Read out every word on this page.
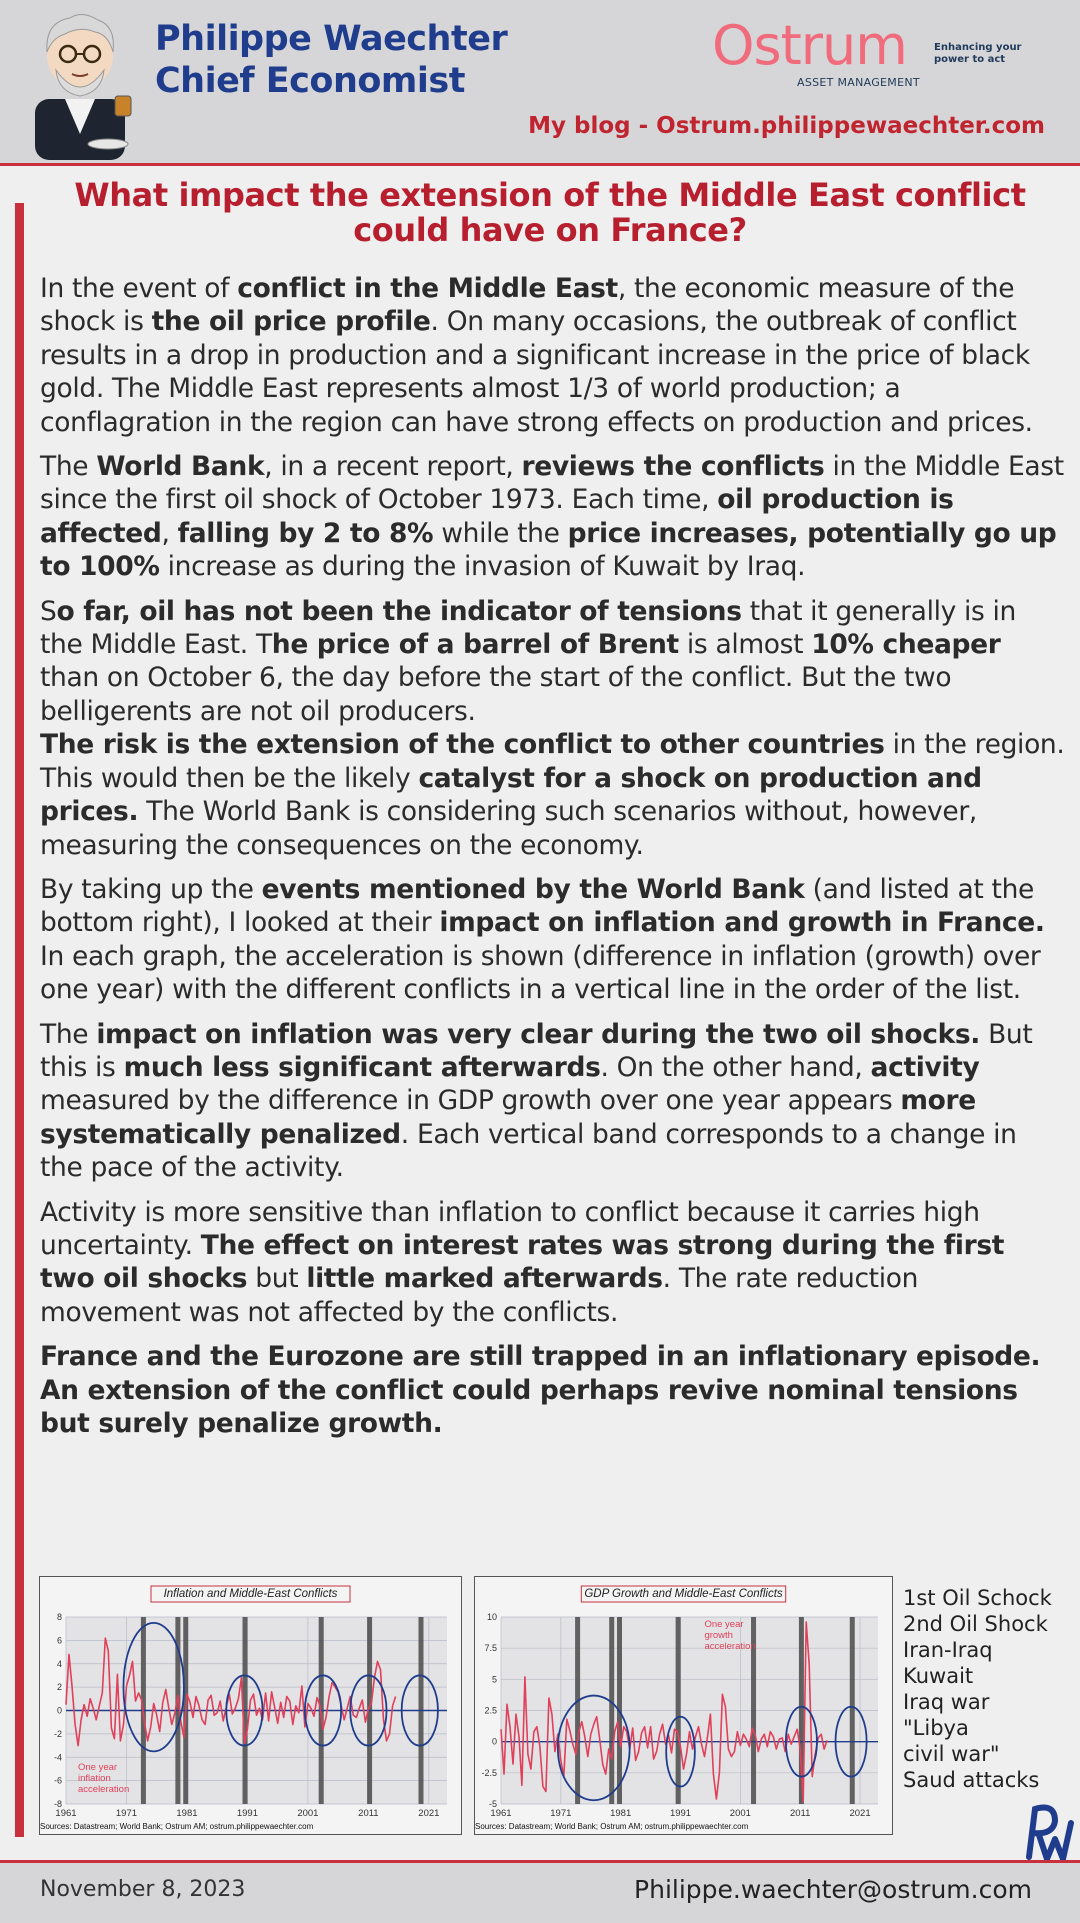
Philippe Waechter
Chief Economist
Ostrum
ASSET MANAGEMENT
Enhancing your power to act
My blog - Ostrum.philippewaechter.com
What impact the extension of the Middle East conflict could have on France?

In the event of conflict in the Middle East, the economic measure of the shock is the oil price profile. On many occasions, the outbreak of conflict results in a drop in production and a significant increase in the price of black gold. The Middle East represents almost 1/3 of world production; a conflagration in the region can have strong effects on production and prices.

The World Bank, in a recent report, reviews the conflicts in the Middle East since the first oil shock of October 1973. Each time, oil production is affected, falling by 2 to 8% while the price increases, potentially go up to 100% increase as during the invasion of Kuwait by Iraq.

So far, oil has not been the indicator of tensions that it generally is in the Middle East. The price of a barrel of Brent is almost 10% cheaper than on October 6, the day before the start of the conflict. But the two belligerents are not oil producers.

The risk is the extension of the conflict to other countries in the region. This would then be the likely catalyst for a shock on production and prices. The World Bank is considering such scenarios without, however, measuring the consequences on the economy.

By taking up the events mentioned by the World Bank (and listed at the bottom right), I looked at their impact on inflation and growth in France. In each graph, the acceleration is shown (difference in inflation (growth) over one year) with the different conflicts in a vertical line in the order of the list.

The impact on inflation was very clear during the two oil shocks. But this is much less significant afterwards. On the other hand, activity measured by the difference in GDP growth over one year appears more systematically penalized. Each vertical band corresponds to a change in the pace of the activity.

Activity is more sensitive than inflation to conflict because it carries high uncertainty. The effect on interest rates was strong during the first two oil shocks but little marked afterwards. The rate reduction movement was not affected by the conflicts.

France and the Eurozone are still trapped in an inflationary episode. An extension of the conflict could perhaps revive nominal tensions but surely penalize growth.

-8
-6
-4
-2
0
2
4
6
8
1961	1971	1981	1991	2001	2011	2021
Inflation and Middle-East Conflicts
One year inflation acceleration
Sources: Datastream; World Bank; Ostrum AM; ostrum.philippewaechter.com
-5
-2.5
0
2.5
5
7.5
10
1961	1971	1981	1991	2001	2011	2021
GDP Growth and Middle-East Conflicts
One year growth acceleration
Sources: Datastream; World Bank; Ostrum AM; ostrum.philippewaechter.com
1st Oil Schock
2nd Oil Shock
Iran-Iraq
Kuwait
Iraq war
"Libya
civil war"
Saud attacks
November 8, 2023	Philippe.waechter@ostrum.com
